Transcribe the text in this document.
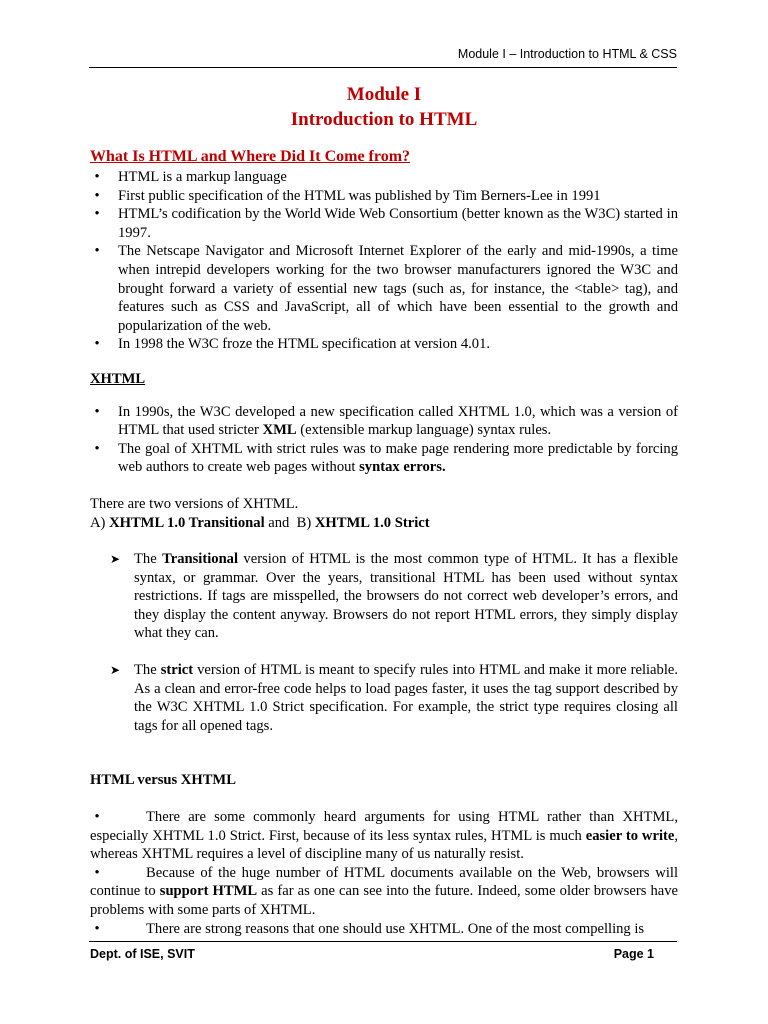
Module I – Introduction to HTML & CSS
Module I
Introduction to HTML
What Is HTML and Where Did It Come from?
•	HTML is a markup language
•	First public specification of the HTML was published by Tim Berners-Lee in 1991
•	HTML’s codification by the World Wide Web Consortium (better known as the W3C) started in 1997.
•	The Netscape Navigator and Microsoft Internet Explorer of the early and mid-1990s, a time when intrepid developers working for the two browser manufacturers ignored the W3C and brought forward a variety of essential new tags (such as, for instance, the <table> tag), and features such as CSS and JavaScript, all of which have been essential to the growth and popularization of the web.
•	In 1998 the W3C froze the HTML specification at version 4.01.
XHTML
•	In 1990s, the W3C developed a new specification called XHTML 1.0, which was a version of HTML that used stricter XML (extensible markup language) syntax rules.
•	The goal of XHTML with strict rules was to make page rendering more predictable by forcing web authors to create web pages without syntax errors.

There are two versions of XHTML.

A) XHTML 1.0 Transitional and  B) XHTML 1.0 Strict

➤ The Transitional version of HTML is the most common type of HTML. It has a flexible syntax, or grammar. Over the years, transitional HTML has been used without syntax restrictions. If tags are misspelled, the browsers do not correct web developer’s errors, and they display the content anyway. Browsers do not report HTML errors, they simply display what they can.
➤ The strict version of HTML is meant to specify rules into HTML and make it more reliable. As a clean and error-free code helps to load pages faster, it uses the tag support described by the W3C XHTML 1.0 Strict specification. For example, the strict type requires closing all tags for all opened tags.

HTML versus XHTML

•	There are some commonly heard arguments for using HTML rather than XHTML, especially XHTML 1.0 Strict. First, because of its less syntax rules, HTML is much easier to write, whereas XHTML requires a level of discipline many of us naturally resist.
•	Because of the huge number of HTML documents available on the Web, browsers will continue to support HTML as far as one can see into the future. Indeed, some older browsers have problems with some parts of XHTML.
•	There are strong reasons that one should use XHTML. One of the most compelling is
Dept. of ISE, SVIT	Page 1
